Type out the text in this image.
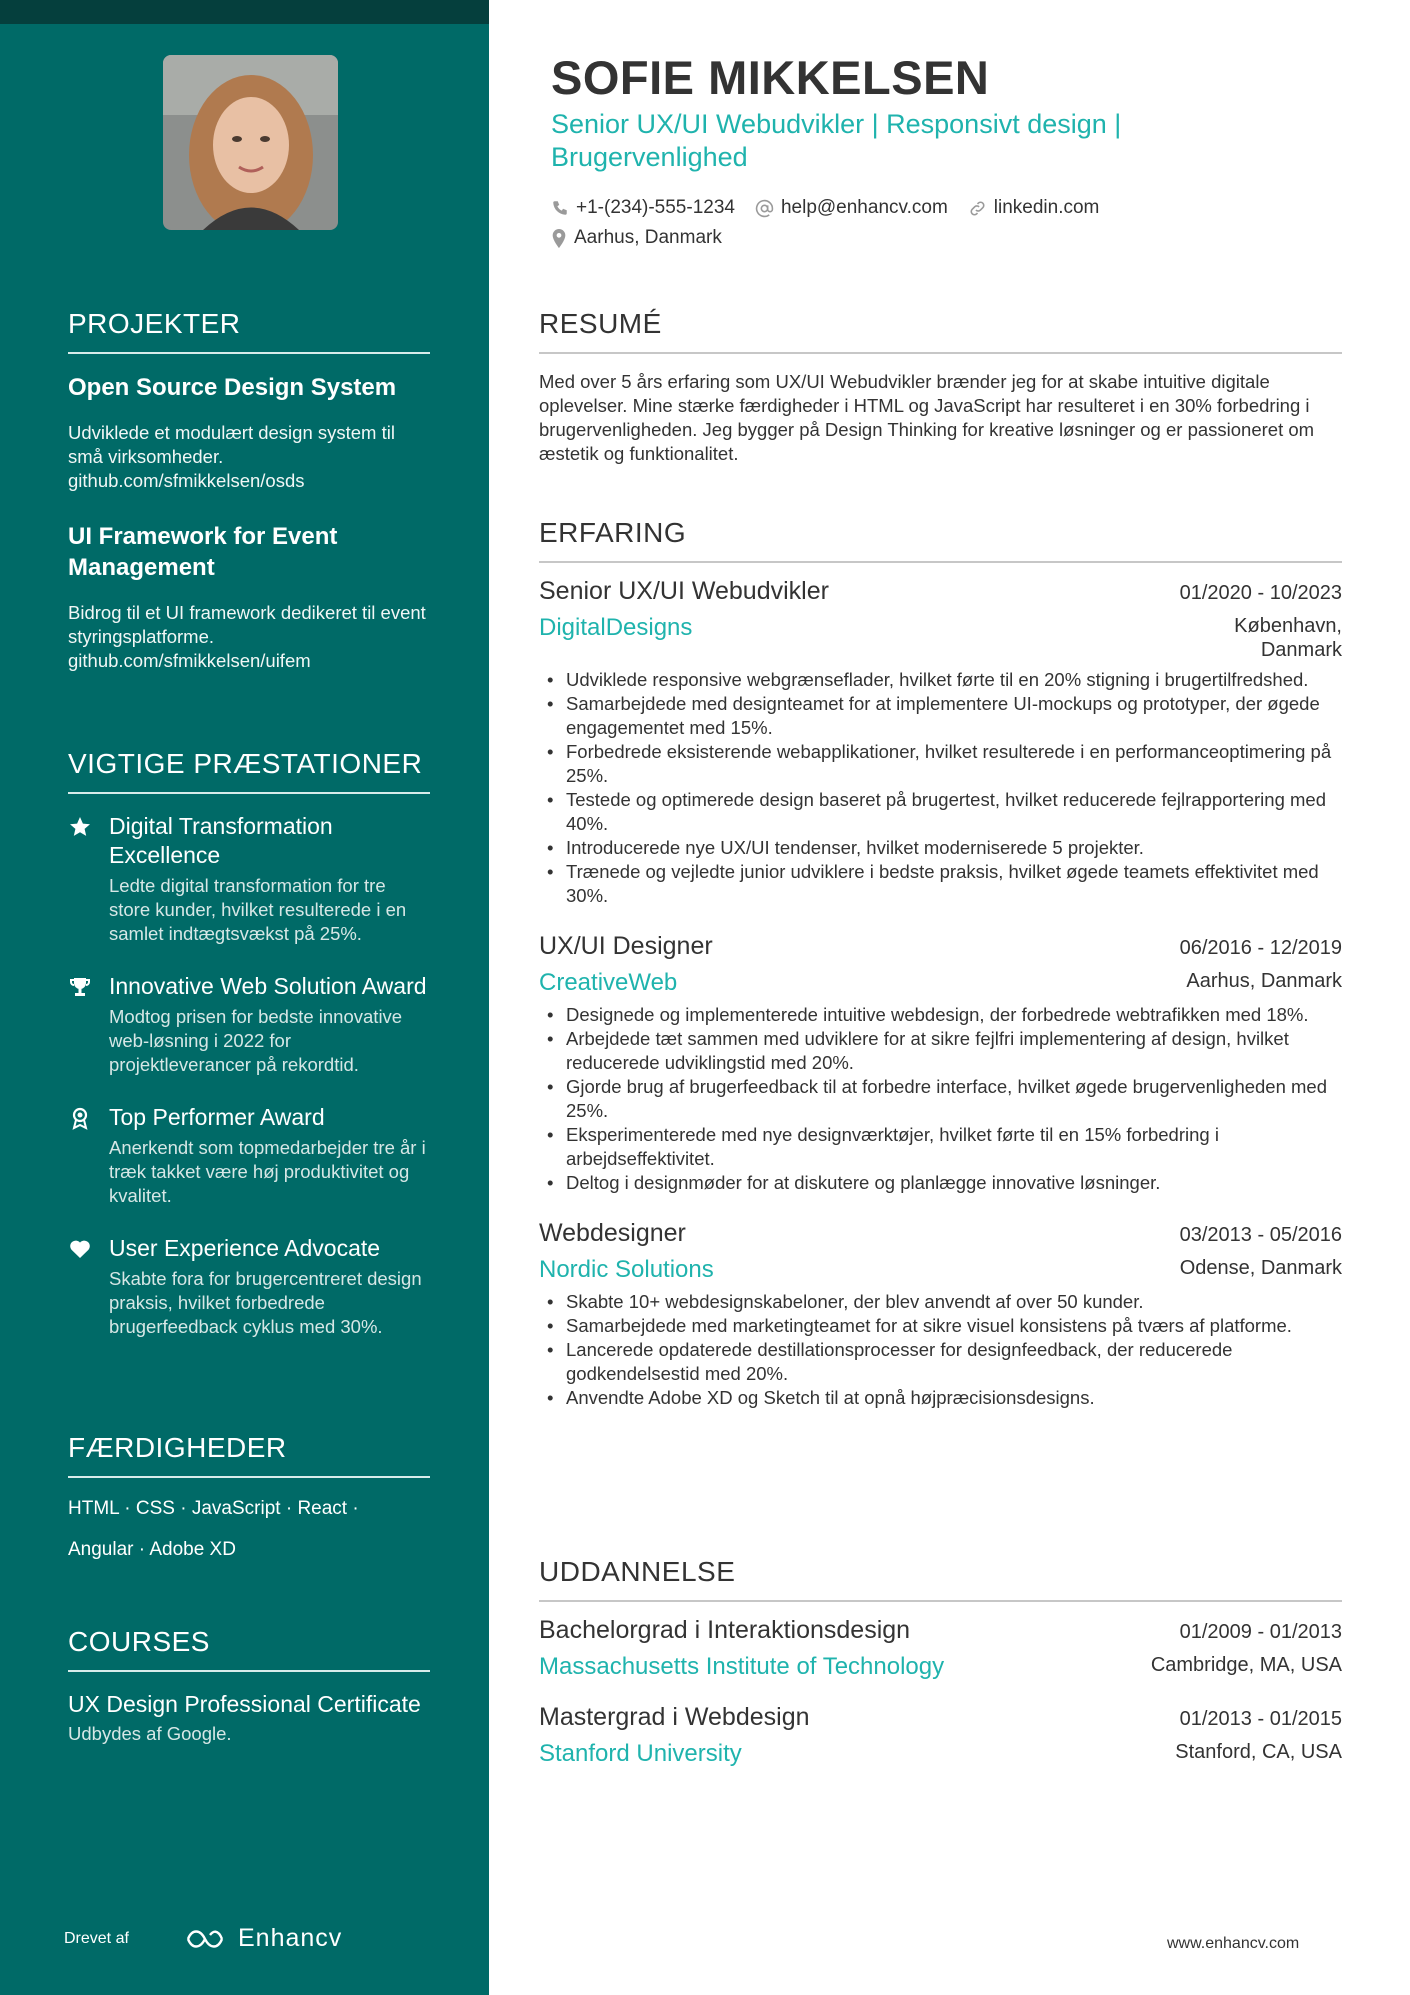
PROJEKTER
Open Source Design System
Udviklede et modulært design system til små virksomheder.
github.com/sfmikkelsen/osds
UI Framework for Event Management
Bidrog til et UI framework dedikeret til event styringsplatforme.
github.com/sfmikkelsen/uifem
VIGTIGE PRÆSTATIONER
Digital Transformation Excellence
Ledte digital transformation for tre store kunder, hvilket resulterede i en samlet indtægtsvækst på 25%.
Innovative Web Solution Award
Modtog prisen for bedste innovative web-løsning i 2022 for projektleverancer på rekordtid.
Top Performer Award
Anerkendt som topmedarbejder tre år i træk takket være høj produktivitet og kvalitet.
User Experience Advocate
Skabte fora for brugercentreret design praksis, hvilket forbedrede brugerfeedback cyklus med 30%.
FÆRDIGHEDER
HTML · CSS · JavaScript · React ·
Angular · Adobe XD
COURSES
UX Design Professional Certificate
Udbydes af Google.
Drevet af	Enhancv
SOFIE MIKKELSEN
Senior UX/UI Webudvikler | Responsivt design | Brugervenlighed
+1-(234)-555-1234 help@enhancv.com linkedin.com
Aarhus, Danmark
RESUMÉ
Med over 5 års erfaring som UX/UI Webudvikler brænder jeg for at skabe intuitive digitale oplevelser. Mine stærke færdigheder i HTML og JavaScript har resulteret i en 30% forbedring i brugervenligheden. Jeg bygger på Design Thinking for kreative løsninger og er passioneret om æstetik og funktionalitet.
ERFARING
Senior UX/UI Webudvikler	01/2020 - 10/2023
DigitalDesigns	København,
Danmark
• Udviklede responsive webgrænseflader, hvilket førte til en 20% stigning i brugertilfredshed.
• Samarbejdede med designteamet for at implementere UI-mockups og prototyper, der øgede engagementet med 15%.
• Forbedrede eksisterende webapplikationer, hvilket resulterede i en performanceoptimering på 25%.
• Testede og optimerede design baseret på brugertest, hvilket reducerede fejlrapportering med 40%.
• Introducerede nye UX/UI tendenser, hvilket moderniserede 5 projekter.
• Trænede og vejledte junior udviklere i bedste praksis, hvilket øgede teamets effektivitet med 30%.
UX/UI Designer	06/2016 - 12/2019
CreativeWeb	Aarhus, Danmark
• Designede og implementerede intuitive webdesign, der forbedrede webtrafikken med 18%.
• Arbejdede tæt sammen med udviklere for at sikre fejlfri implementering af design, hvilket reducerede udviklingstid med 20%.
• Gjorde brug af brugerfeedback til at forbedre interface, hvilket øgede brugervenligheden med 25%.
• Eksperimenterede med nye designværktøjer, hvilket førte til en 15% forbedring i arbejdseffektivitet.
• Deltog i designmøder for at diskutere og planlægge innovative løsninger.
Webdesigner	03/2013 - 05/2016
Nordic Solutions	Odense, Danmark
• Skabte 10+ webdesignskabeloner, der blev anvendt af over 50 kunder.
• Samarbejdede med marketingteamet for at sikre visuel konsistens på tværs af platforme.
• Lancerede opdaterede destillationsprocesser for designfeedback, der reducerede godkendelsestid med 20%.
• Anvendte Adobe XD og Sketch til at opnå højpræcisionsdesigns.
UDDANNELSE
Bachelorgrad i Interaktionsdesign	01/2009 - 01/2013
Massachusetts Institute of Technology	Cambridge, MA, USA
Mastergrad i Webdesign	01/2013 - 01/2015
Stanford University	Stanford, CA, USA
www.enhancv.com
